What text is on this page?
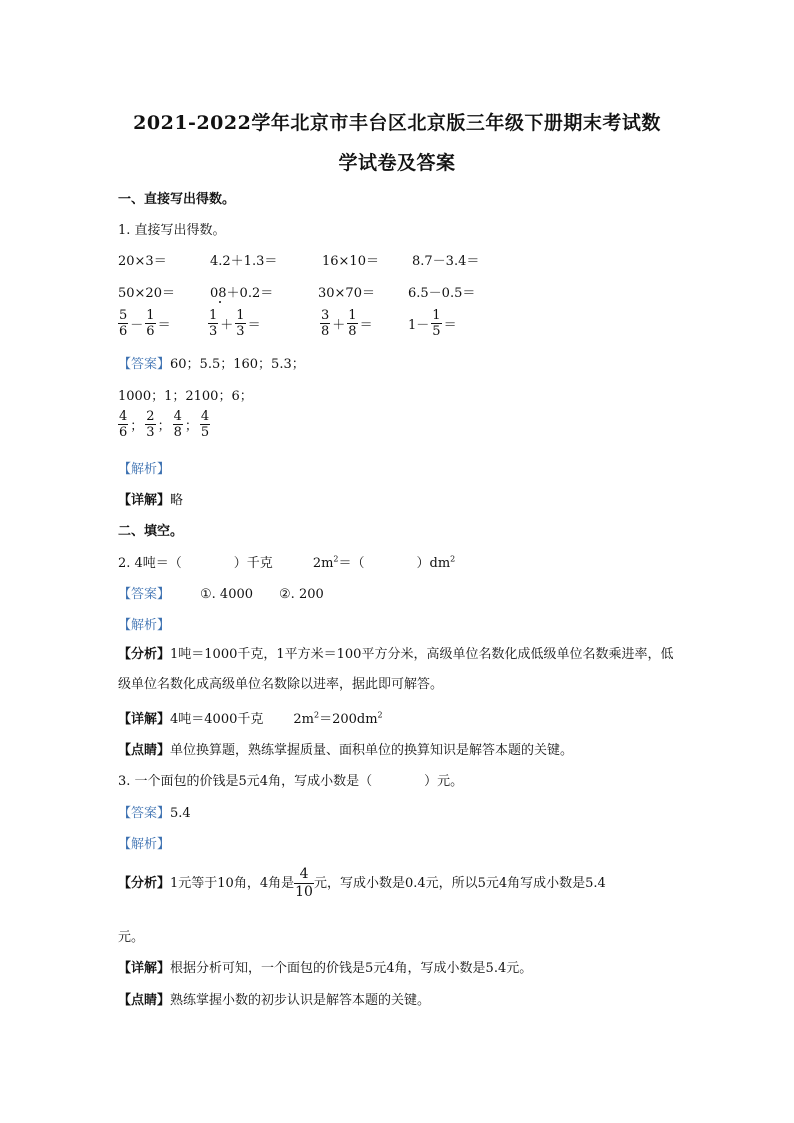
2021-2022学年北京市丰台区北京版三年级下册期末考试数
学试卷及答案
一、直接写出得数。
1. 直接写出得数。
20×3＝	4.2＋1.3＝	16×10＝	8.7－3.4＝
50×20＝	08＋0.2＝	30×70＝	6.5－0.5＝
$\frac{5}{6} - \frac{1}{6}$ ＝	$\frac{1}{3} + \frac{1}{3}$ ＝	$\frac{3}{8} + \frac{1}{8}$ ＝	$1- \frac{1}{5}$ ＝
【答案】60；5.5；160；5.3；
1000；1；2100；6；
$\frac{4}{6}$ ； $\frac{2}{3}$ ； $\frac{4}{8}$ ； $\frac{4}{5}$
【解析】
【详解】略
二、填空。
2. 4吨＝（　　　　）千克	$2m^2=$（　　　　）$dm^2$
【答案】 ①. 4000　　②. 200
【解析】
【分析】1吨＝1000千克，1平方米＝100平方分米，高级单位名数化成低级单位名数乘进率，低级单位名数化成高级单位名数除以进率，据此即可解答。
【详解】4吨＝4000千克 $2m^2=200dm^2$
【点睛】单位换算题，熟练掌握质量、面积单位的换算知识是解答本题的关键。
3. 一个面包的价钱是5元4角，写成小数是（　　　　）元。
【答案】5.4
【解析】
【分析】1元等于10角，4角是 $\frac{4}{10}$ 元，写成小数是0.4元，所以5元4角写成小数是5.4
元。
【详解】根据分析可知，一个面包的价钱是5元4角，写成小数是5.4元。
【点睛】熟练掌握小数的初步认识是解答本题的关键。
